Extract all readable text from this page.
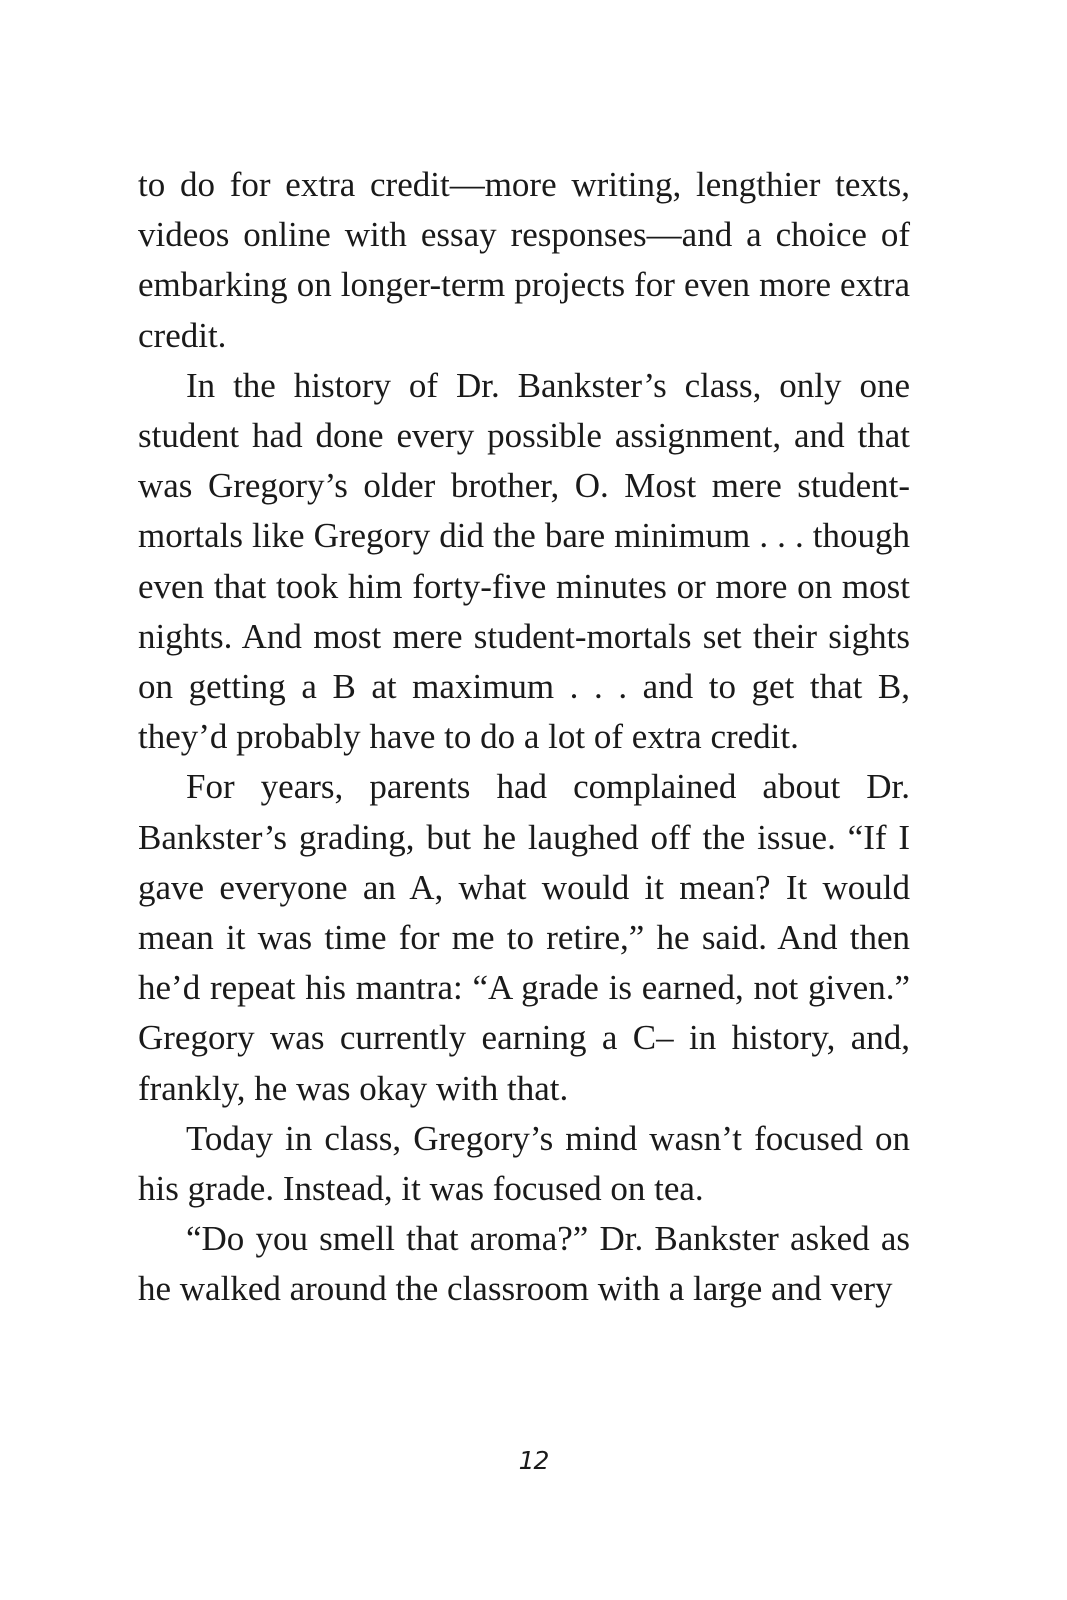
to do for extra credit—more writing, lengthier texts, videos online with essay responses—and a choice of embarking on longer-term projects for even more extra credit.

In the history of Dr. Bankster’s class, only one student had done every possible assignment, and that was Gregory’s older brother, O. Most mere student-mortals like Gregory did the bare minimum . . . though even that took him forty-five minutes or more on most nights. And most mere student-mortals set their sights on getting a B at maximum . . . and to get that B, they’d probably have to do a lot of extra credit.

For years, parents had complained about Dr. Bankster’s grading, but he laughed off the issue. “If I gave everyone an A, what would it mean? It would mean it was time for me to retire,” he said. And then he’d repeat his mantra: “A grade is earned, not given.” Gregory was currently earning a C– in history, and, frankly, he was okay with that.

Today in class, Gregory’s mind wasn’t focused on his grade. Instead, it was focused on tea.

“Do you smell that aroma?” Dr. Bankster asked as he walked around the classroom with a large and very

12
